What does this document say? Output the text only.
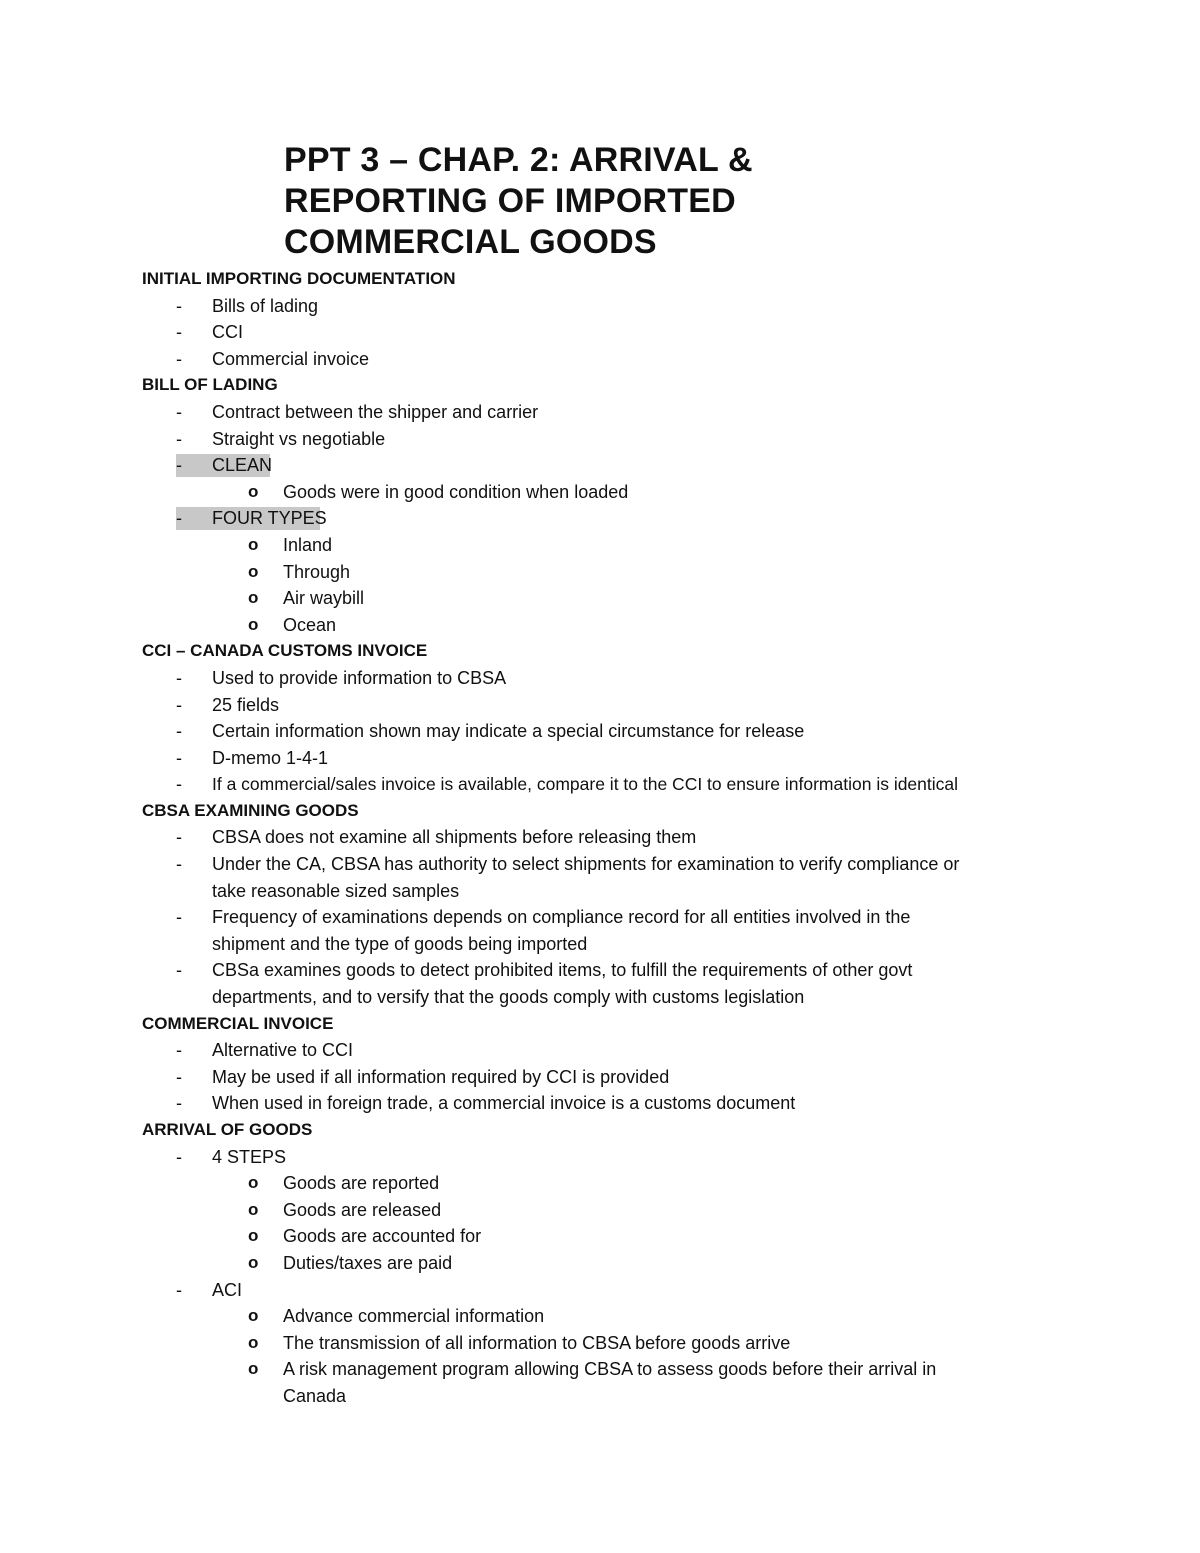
PPT 3 – CHAP. 2: ARRIVAL &
REPORTING OF IMPORTED
COMMERCIAL GOODS
INITIAL IMPORTING DOCUMENTATION
-	Bills of lading
-	CCI
-	Commercial invoice
BILL OF LADING
-	Contract between the shipper and carrier
-	Straight vs negotiable
-	CLEAN
o Goods were in good condition when loaded
-	FOUR TYPES
o Inland
o Through
o Air waybill
o Ocean
CCI – CANADA CUSTOMS INVOICE
-	Used to provide information to CBSA
-	25 fields
-	Certain information shown may indicate a special circumstance for release
-	D-memo 1-4-1
-	If a commercial/sales invoice is available, compare it to the CCI to ensure information is identical
CBSA EXAMINING GOODS
-	CBSA does not examine all shipments before releasing them
-	Under the CA, CBSA has authority to select shipments for examination to verify compliance or
take reasonable sized samples
-	Frequency of examinations depends on compliance record for all entities involved in the
shipment and the type of goods being imported
-	CBSa examines goods to detect prohibited items, to fulfill the requirements of other govt
departments, and to versify that the goods comply with customs legislation
COMMERCIAL INVOICE
-	Alternative to CCI
-	May be used if all information required by CCI is provided
-	When used in foreign trade, a commercial invoice is a customs document
ARRIVAL OF GOODS
-	4 STEPS
o Goods are reported
o Goods are released
o Goods are accounted for
o Duties/taxes are paid
-	ACI
o Advance commercial information
o The transmission of all information to CBSA before goods arrive
o A risk management program allowing CBSA to assess goods before their arrival in
Canada
